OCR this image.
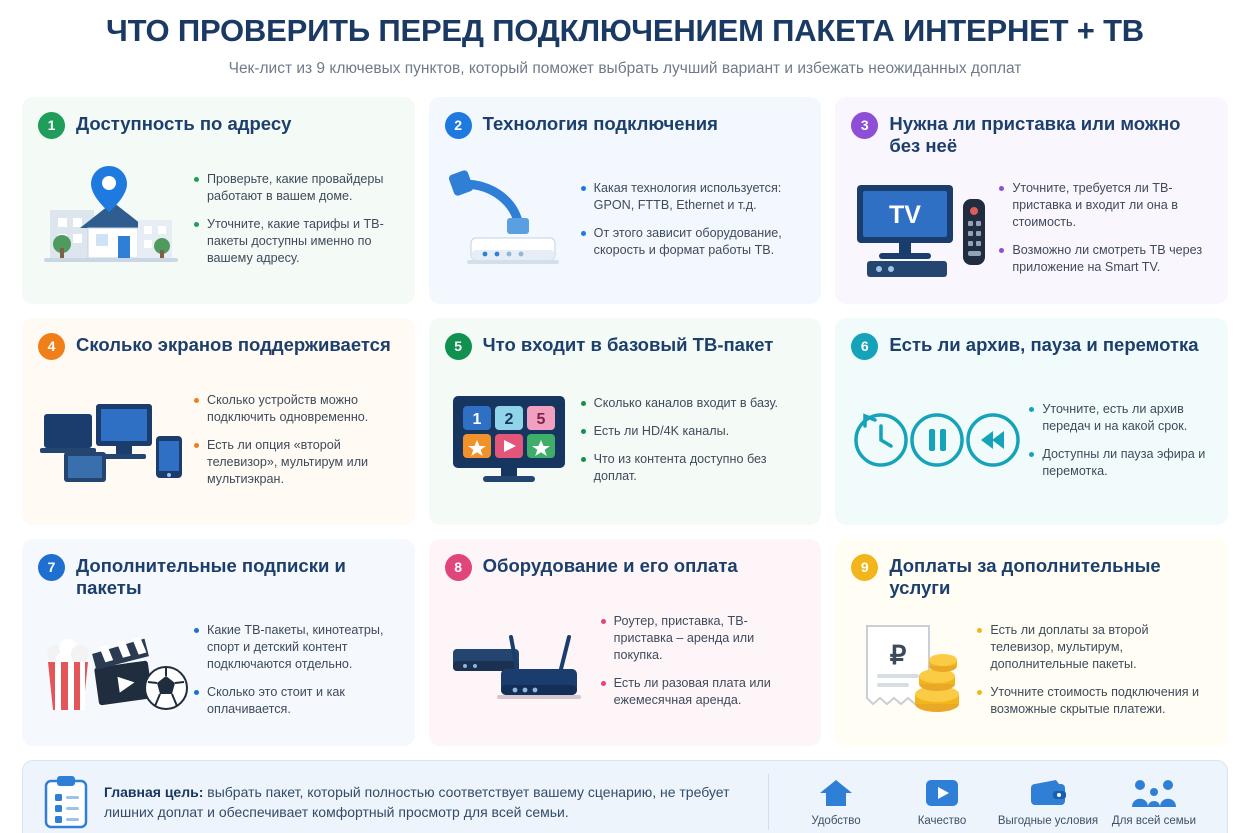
ЧТО ПРОВЕРИТЬ ПЕРЕД ПОДКЛЮЧЕНИЕМ ПАКЕТА ИНТЕРНЕТ + ТВ

Чек-лист из 9 ключевых пунктов, который поможет выбрать лучший вариант и избежать неожиданных доплат

1	Доступность по адресу
Проверьте, какие провайдеры работают в вашем доме.
Уточните, какие тарифы и ТВ-пакеты доступны именно по вашему адресу.
2	Технология подключения
Какая технология используется: GPON, FTTB, Ethernet и т.д.
От этого зависит оборудование, скорость и формат работы ТВ.
3	Нужна ли приставка или можно без неё
TV
Уточните, требуется ли ТВ-приставка и входит ли она в стоимость.
Возможно ли смотреть ТВ через приложение на Smart TV.
4	Сколько экранов поддерживается
Сколько устройств можно подключить одновременно.
Есть ли опция «второй телевизор», мультирум или мультиэкран.
5	Что входит в базовый ТВ-пакет
1 2 5
Сколько каналов входит в базу.
Есть ли HD/4K каналы.
Что из контента доступно без доплат.
6	Есть ли архив, пауза и перемотка
Уточните, есть ли архив передач и на какой срок.
Доступны ли пауза эфира и перемотка.
7	Дополнительные подписки и пакеты
Какие ТВ-пакеты, кинотеатры, спорт и детский контент подключаются отдельно.
Сколько это стоит и как оплачивается.
8	Оборудование и его оплата
Роутер, приставка, ТВ-приставка – аренда или покупка.
Есть ли разовая плата или ежемесячная аренда.
9	Доплаты за дополнительные услуги
₽
Есть ли доплаты за второй телевизор, мультирум, дополнительные пакеты.
Уточните стоимость подключения и возможные скрытые платежи.
Главная цель: выбрать пакет, который полностью соответствует вашему сценарию, не требует лишних доплат и обеспечивает комфортный просмотр для всей семьи.
Удобство	Качество	Выгодные условия	Для всей семьи
